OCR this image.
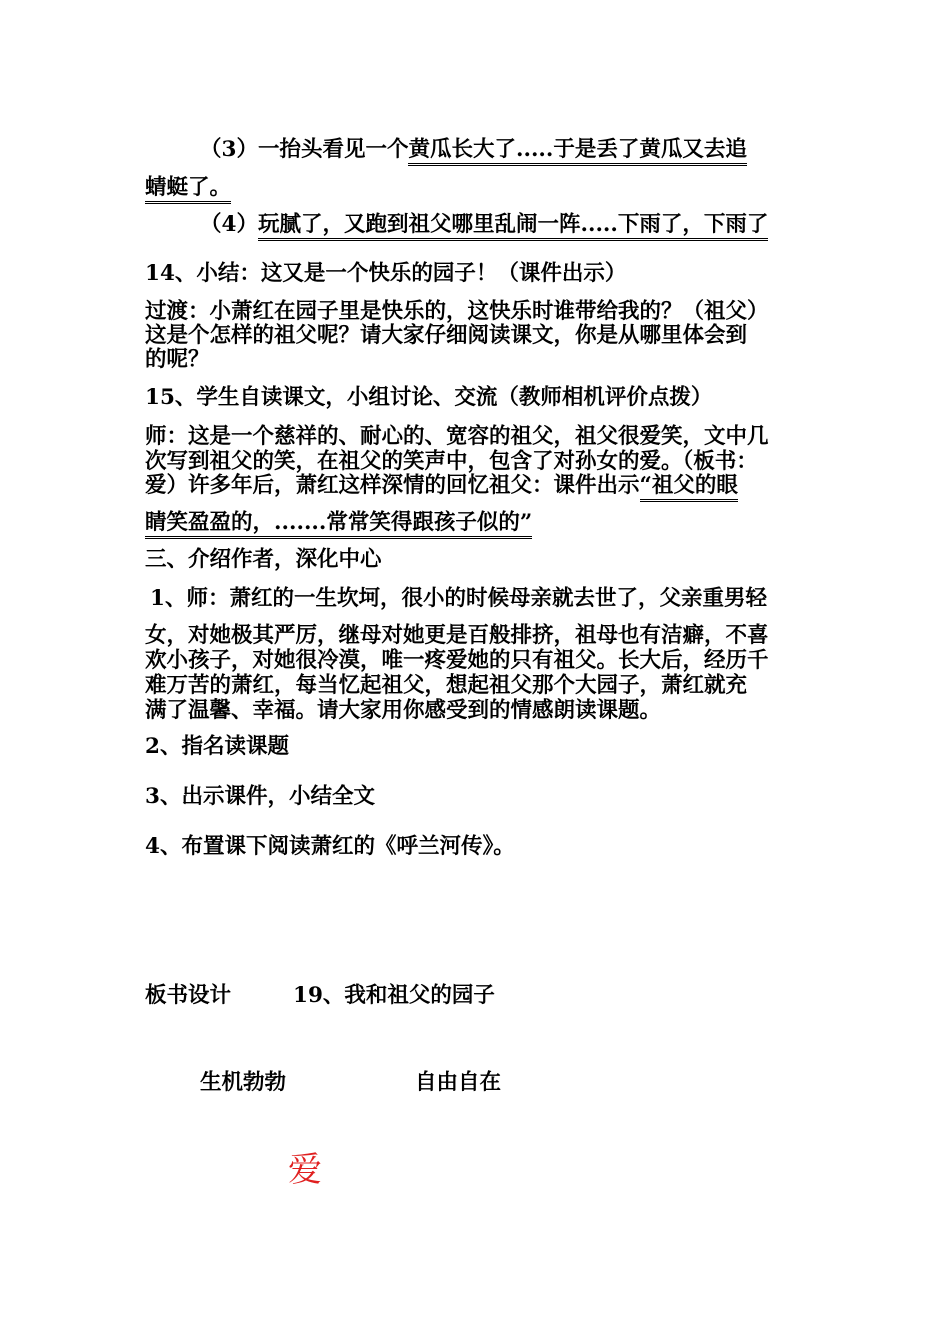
（3）一抬头看见一个黄瓜长大了.....于是丢了黄瓜又去追
蜻蜓了。
（4）玩腻了，又跑到祖父哪里乱闹一阵.....下雨了，下雨了
14、小结：这又是一个快乐的园子！（课件出示）
过渡：小萧红在园子里是快乐的，这快乐时谁带给我的？（祖父）
这是个怎样的祖父呢？请大家仔细阅读课文，你是从哪里体会到
的呢？
15、学生自读课文，小组讨论、交流（教师相机评价点拨）
师：这是一个慈祥的、耐心的、宽容的祖父，祖父很爱笑，文中几
次写到祖父的笑，在祖父的笑声中，包含了对孙女的爱。（板书：
爱）许多年后，萧红这样深情的回忆祖父：课件出示“祖父的眼
睛笑盈盈的，.......常常笑得跟孩子似的”
三、介绍作者，深化中心
1、师：萧红的一生坎坷，很小的时候母亲就去世了，父亲重男轻
女，对她极其严厉，继母对她更是百般排挤，祖母也有洁癖，不喜
欢小孩子，对她很冷漠，唯一疼爱她的只有祖父。长大后，经历千
难万苦的萧红，每当忆起祖父，想起祖父那个大园子，萧红就充
满了温馨、幸福。请大家用你感受到的情感朗读课题。
2、指名读课题
3、出示课件，小结全文
4、布置课下阅读萧红的《呼兰河传》。
板书设计	19、我和祖父的园子
生机勃勃	自由自在
爱
